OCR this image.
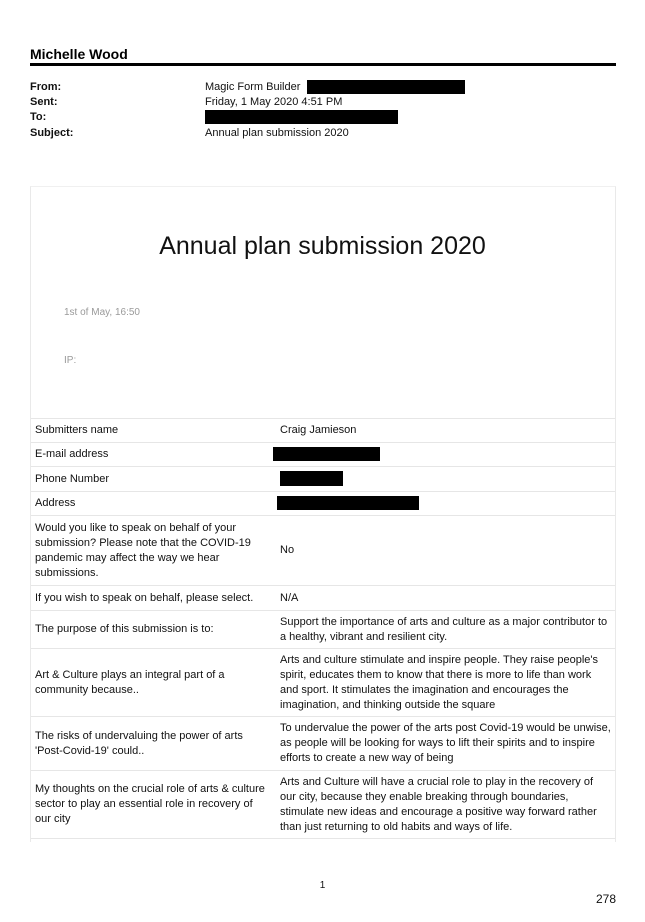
Michelle Wood
From:	Magic Form Builder
Sent:	Friday, 1 May 2020 4:51 PM
To:
Subject:	Annual plan submission 2020
Annual plan submission 2020
1st of May, 16:50
IP:
Submitters name	Craig Jamieson
E-mail address	
Phone Number	
Address	
Would you like to speak on behalf of your submission? Please note that the COVID-19 pandemic may affect the way we hear submissions.	No
If you wish to speak on behalf, please select.	N/A
The purpose of this submission is to:	Support the importance of arts and culture as a major contributor to a healthy, vibrant and resilient city.
Art & Culture plays an integral part of a community because..	Arts and culture stimulate and inspire people. They raise people's spirit, educates them to know that there is more to life than work and sport. It stimulates the imagination and encourages the imagination, and thinking outside the square
The risks of undervaluing the power of arts 'Post-Covid-19' could..	To undervalue the power of the arts post Covid-19 would be unwise, as people will be looking for ways to lift their spirits and to inspire efforts to create a new way of being
My thoughts on the crucial role of arts & culture sector to play an essential role in recovery of our city	Arts and Culture will have a crucial role to play in the recovery of our city, because they enable breaking through boundaries, stimulate new ideas and encourage a positive way forward rather than just returning to old habits and ways of life.
1
278
